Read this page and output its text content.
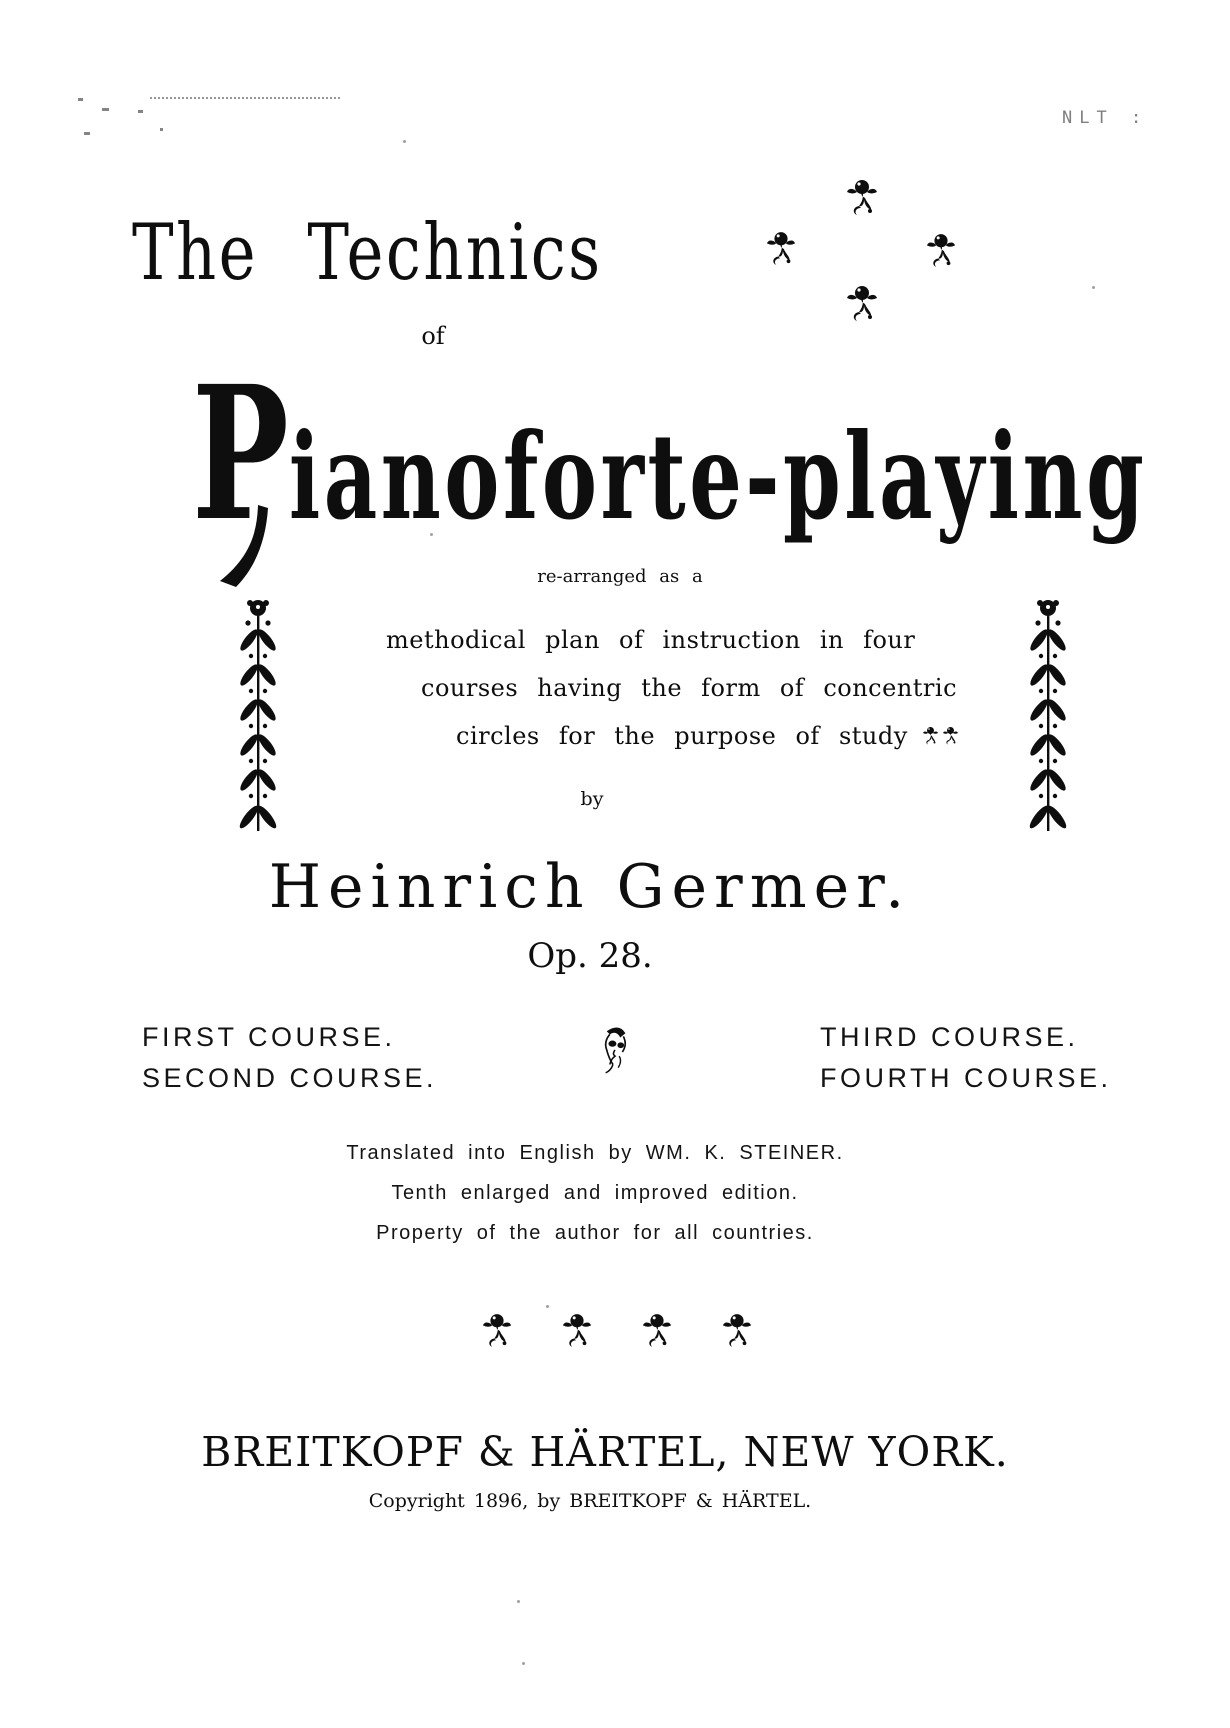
NLT :
The Technics
of
P ianoforte-playing
re-arranged as a
methodical plan of instruction in four
courses having the form of concentric
circles for the purpose of study
by
Heinrich Germer.
Op. 28.
FIRST COURSE.
SECOND COURSE.
THIRD COURSE.
FOURTH COURSE.
Translated into English by WM. K. STEINER.
Tenth enlarged and improved edition.
Property of the author for all countries.
BREITKOPF & HÄRTEL, NEW YORK.
Copyright 1896, by BREITKOPF & HÄRTEL.
